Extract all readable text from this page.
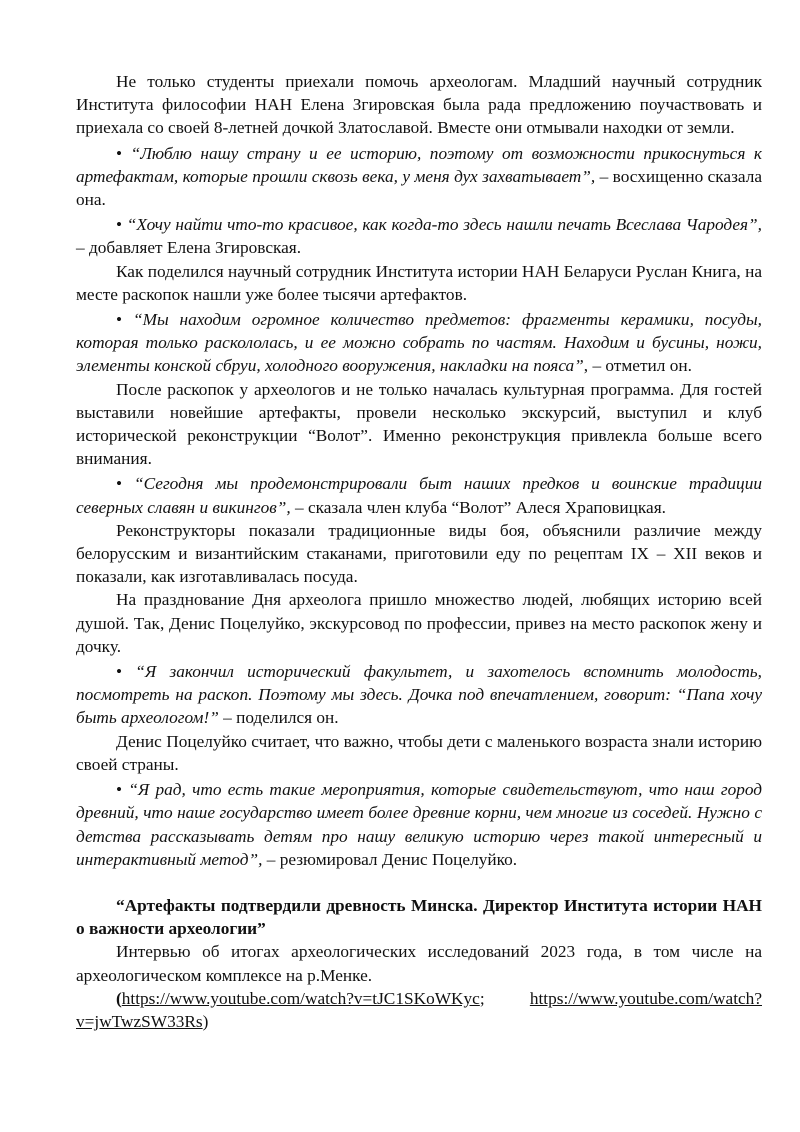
Не только студенты приехали помочь археологам. Младший научный сотрудник Института философии НАН Елена Згировская была рада предложению поучаствовать и приехала со своей 8-летней дочкой Златославой. Вместе они отмывали находки от земли.

• “Люблю нашу страну и ее историю, поэтому от возможности прикоснуться к артефактам, которые прошли сквозь века, у меня дух захватывает”, – восхищенно сказала она.

• “Хочу найти что-то красивое, как когда-то здесь нашли печать Всеслава Чародея”, – добавляет Елена Згировская.

Как поделился научный сотрудник Института истории НАН Беларуси Руслан Книга, на месте раскопок нашли уже более тысячи артефактов.

• “Мы находим огромное количество предметов: фрагменты керамики, посуды, которая только раскололась, и ее можно собрать по частям. Находим и бусины, ножи, элементы конской сбруи, холодного вооружения, накладки на пояса”, – отметил он.

После раскопок у археологов и не только началась культурная программа. Для гостей выставили новейшие артефакты, провели несколько экскурсий, выступил и клуб исторической реконструкции “Волот”. Именно реконструкция привлекла больше всего внимания.

• “Сегодня мы продемонстрировали быт наших предков и воинские традиции северных славян и викингов”, – сказала член клуба “Волот” Алеся Храповицкая.

Реконструкторы показали традиционные виды боя, объяснили различие между белорусским и византийским стаканами, приготовили еду по рецептам IX – XII веков и показали, как изготавливалась посуда.

На празднование Дня археолога пришло множество людей, любящих историю всей душой. Так, Денис Поцелуйко, экскурсовод по профессии, привез на место раскопок жену и дочку.

• “Я закончил исторический факультет, и захотелось вспомнить молодость, посмотреть на раскоп. Поэтому мы здесь. Дочка под впечатлением, говорит: “Папа хочу быть археологом!” – поделился он.

Денис Поцелуйко считает, что важно, чтобы дети с маленького возраста знали историю своей страны.

• “Я рад, что есть такие мероприятия, которые свидетельствуют, что наш город древний, что наше государство имеет более древние корни, чем многие из соседей. Нужно с детства рассказывать детям про нашу великую историю через такой интересный и интерактивный метод”, – резюмировал Денис Поцелуйко.

“Артефакты подтвердили древность Минска. Директор Института истории НАН о важности археологии”

Интервью об итогах археологических исследований 2023 года, в том числе на археологическом комплексе на р.Менке.

(https://www.youtube.com/watch?v=tJC1SKoWKyc;	https://www.youtube.com/watch?v=jwTwzSW33Rs)
